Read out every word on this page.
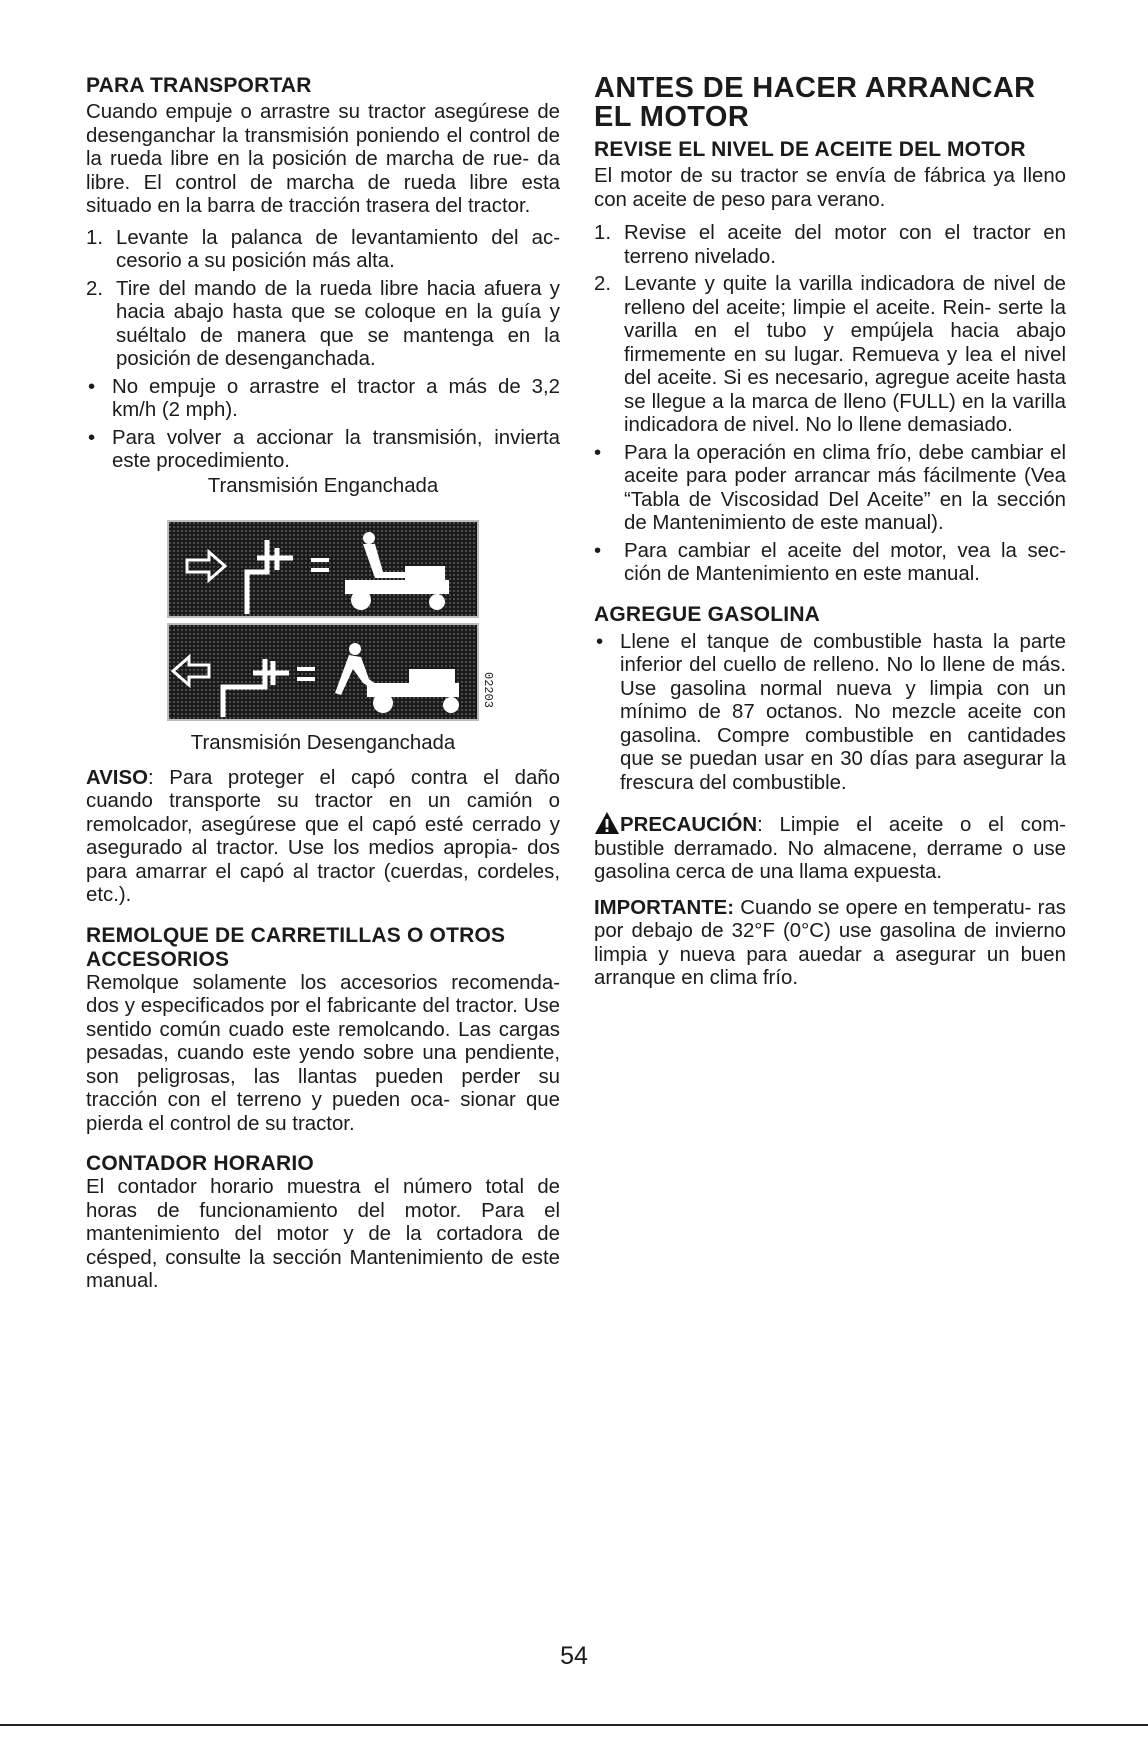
PARA TRANSPORTAR

Cuando empuje o arrastre su tractor asegúrese de desenganchar la transmisión poniendo el control de la rueda libre en la posición de marcha de rue- da libre. El control de marcha de rueda libre esta situado en la barra de tracción trasera del tractor.

1. Levante la palanca de levantamiento del ac- cesorio a su posición más alta.
2. Tire del mando de la rueda libre hacia afuera y hacia abajo hasta que se coloque en la guía y suéltalo de manera que se mantenga en la posición de desenganchada.
• No empuje o arrastre el tractor a más de 3,2 km/h (2 mph).
• Para volver a accionar la transmisión, invierta este procedimiento.
Transmisión Enganchada
02203
Transmisión Desenganchada

AVISO: Para proteger el capó contra el daño cuando transporte su tractor en un camión o remolcador, asegúrese que el capó esté cerrado y asegurado al tractor. Use los medios apropia- dos para amarrar el capó al tractor (cuerdas, cordeles, etc.).

REMOLQUE DE CARRETILLAS O OTROS ACCESORIOS

Remolque solamente los accesorios recomenda- dos y especificados por el fabricante del tractor. Use sentido común cuado este remolcando. Las cargas pesadas, cuando este yendo sobre una pendiente, son peligrosas, las llantas pueden perder su tracción con el terreno y pueden oca- sionar que pierda el control de su tractor.

CONTADOR HORARIO

El contador horario muestra el número total de horas de funcionamiento del motor. Para el mantenimiento del motor y de la cortadora de césped, consulte la sección Mantenimiento de este manual.

ANTES DE HACER ARRANCAR EL MOTOR
REVISE EL NIVEL DE ACEITE DEL MOTOR

El motor de su tractor se envía de fábrica ya lleno con aceite de peso para verano.

1. Revise el aceite del motor con el tractor en terreno nivelado.
2. Levante y quite la varilla indicadora de nivel de relleno del aceite; limpie el aceite. Rein- serte la varilla en el tubo y empújela hacia abajo firmemente en su lugar. Remueva y lea el nivel del aceite. Si es necesario, agregue aceite hasta se llegue a la marca de lleno (FULL) en la varilla indicadora de nivel. No lo llene demasiado.
•	Para la operación en clima frío, debe cambiar el aceite para poder arrancar más fácilmente (Vea “Tabla de Viscosidad Del Aceite” en la sección de Mantenimiento de este manual).
•	Para cambiar el aceite del motor, vea la sec- ción de Mantenimiento en este manual.
AGREGUE GASOLINA
• Llene el tanque de combustible hasta la parte inferior del cuello de relleno. No lo llene de más. Use gasolina normal nueva y limpia con un mínimo de 87 octanos. No mezcle aceite con gasolina. Compre combustible en cantidades que se puedan usar en 30 días para asegurar la frescura del combustible.

PRECAUCIÓN: Limpie el aceite o el com- bustible derramado. No almacene, derrame o use gasolina cerca de una llama expuesta.

IMPORTANTE: Cuando se opere en temperatu- ras por debajo de 32°F (0°C) use gasolina de invierno limpia y nueva para auedar a asegurar un buen arranque en clima frío.

54
